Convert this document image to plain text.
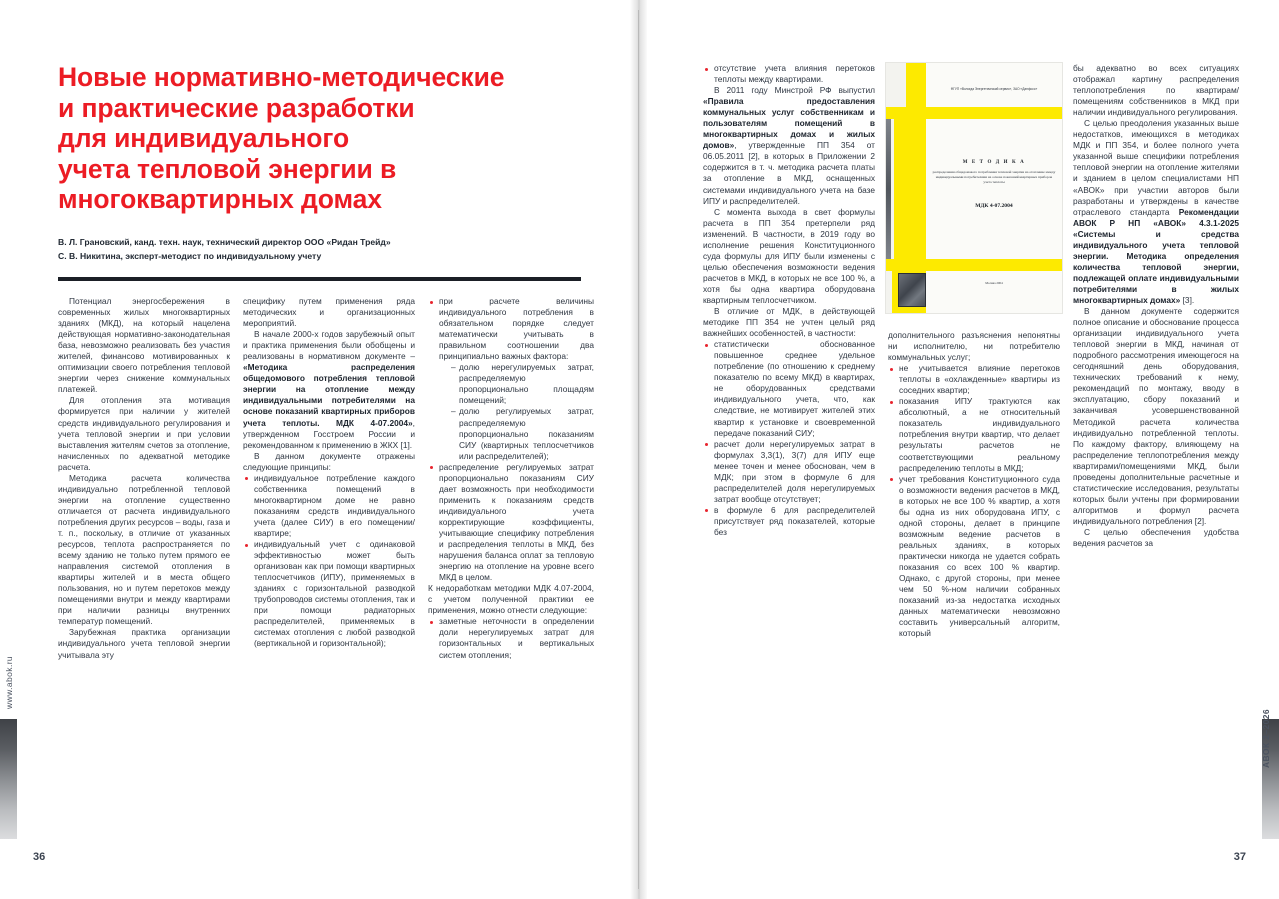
www.abok.ru
36
Новые нормативно-методические
и практические разработки
для индивидуального
учета тепловой энергии в
многоквартирных домах
В. Л. Грановский, канд. техн. наук, технический директор ООО «Ридан Трейд»
С. В. Никитина, эксперт-методист по индивидуальному учету

Потенциал энергосбережения в современных жилых многоквартирных зданиях (МКД), на который нацелена действующая нормативно-законодательная база, невозможно реализовать без участия жителей, финансово мотивированных к оптимизации своего потребления тепловой энергии через снижение коммунальных платежей.

Для отопления эта мотивация формируется при наличии у жителей средств индивидуального регулирования и учета тепловой энергии и при условии выставления жителям счетов за отопление, начисленных по адекватной методике расчета.

Методика расчета количества индивидуально потребленной тепловой энергии на отопление существенно отличается от расчета индивидуального потребления других ресурсов – воды, газа и т. п., поскольку, в отличие от указанных ресурсов, теплота распространяется по всему зданию не только путем прямого ее направления системой отопления в квартиры жителей и в места общего пользования, но и путем перетоков между помещениями внутри и между квартирами при наличии разницы внутренних температур помещений.

Зарубежная практика организации индивидуального учета тепловой энергии учитывала эту

специфику путем применения ряда методических и организационных мероприятий.

В начале 2000-х годов зарубежный опыт и практика применения были обобщены и реализованы в нормативном документе – «Методика распределения общедомового потребления тепловой энергии на отопление между индивидуальными потребителями на основе показаний квартирных приборов учета теплоты. МДК 4-07.2004», утвержденном Госстроем России и рекомендованном к применению в ЖКХ [1].

В данном документе отражены следующие принципы:

индивидуальное потребление каждого собственника помещений в многоквартирном доме не равно показаниям средств индивидуального учета (далее СИУ) в его помещении/квартире;
индивидуальный учет с одинаковой эффективностью может быть организован как при помощи квартирных теплосчетчиков (ИПУ), применяемых в зданиях с горизонтальной разводкой трубопроводов системы отопления, так и при помощи радиаторных распределителей, применяемых в системах отопления с любой разводкой (вертикальной и горизонтальной);
при расчете величины индивидуального потребления в обязательном порядке следует математически учитывать в правильном соотношении два принципиально важных фактора:
– долю нерегулируемых затрат, распределяемую пропорционально площадям помещений;
– долю регулируемых затрат, распределяемую пропорционально показаниям СИУ (квартирных теплосчетчиков или распределителей);
распределение регулируемых затрат пропорционально показаниям СИУ дает возможность при необходимости применить к показаниям средств индивидуального учета корректирующие коэффициенты, учитывающие специфику потребления и распределения теплоты в МКД, без нарушения баланса оплат за тепловую энергию на отопление на уровне всего МКД в целом.

К недоработкам методики МДК 4.07-2004, с учетом полученной практики ее применения, можно отнести следующие:

заметные неточности в определении доли нерегулируемых затрат для горизонтальных и вертикальных систем отопления;
АВОК 2–2026
37
ФГУП «Вологда Энергетический сервис», ЗАО «Данфосс»
М Е Т О Д И К А
распределения общедомового потребления тепловой энергии на отопление между индивидуальными потребителями на основе показаний квартирных приборов учета теплоты
МДК 4-07.2004
Москва 2004
отсутствие учета влияния перетоков теплоты между квартирами.

В 2011 году Минстрой РФ выпустил «Правила предоставления коммунальных услуг собственникам и пользователям помещений в многоквартирных домах и жилых домов», утвержденные ПП 354 от 06.05.2011 [2], в которых в Приложении 2 содержится в т. ч. методика расчета платы за отопление в МКД, оснащенных системами индивидуального учета на базе ИПУ и распределителей.

С момента выхода в свет формулы расчета в ПП 354 претерпели ряд изменений. В частности, в 2019 году во исполнение решения Конституционного суда формулы для ИПУ были изменены с целью обеспечения возможности ведения расчетов в МКД, в которых не все 100 %, а хотя бы одна квартира оборудована квартирным теплосчетчиком.

В отличие от МДК, в действующей методике ПП 354 не учтен целый ряд важнейших особенностей, в частности:

статистически обоснованное повышенное среднее удельное потребление (по отношению к среднему показателю по всему МКД) в квартирах, не оборудованных средствами индивидуального учета, что, как следствие, не мотивирует жителей этих квартир к установке и своевременной передаче показаний СИУ;
расчет доли нерегулируемых затрат в формулах 3,3(1), 3(7) для ИПУ еще менее точен и менее обоснован, чем в МДК; при этом в формуле 6 для распределителей доля нерегулируемых затрат вообще отсутствует;
в формуле 6 для распределителей присутствует ряд показателей, которые без

дополнительного разъяснения непонятны ни исполнителю, ни потребителю коммунальных услуг;

не учитывается влияние перетоков теплоты в «охлажденные» квартиры из соседних квартир;
показания ИПУ трактуются как абсолютный, а не относительный показатель индивидуального потребления внутри квартир, что делает результаты расчетов не соответствующими реальному распределению теплоты в МКД;
учет требования Конституционного суда о возможности ведения расчетов в МКД, в которых не все 100 % квартир, а хотя бы одна из них оборудована ИПУ, с одной стороны, делает в принципе возможным ведение расчетов в реальных зданиях, в которых практически никогда не удается собрать показания со всех 100 % квартир. Однако, с другой стороны, при менее чем 50 %-ном наличии собранных показаний из-за недостатка исходных данных математически невозможно составить универсальный алгоритм, который

бы адекватно во всех ситуациях отображал картину распределения теплопотребления по квартирам/помещениям собственников в МКД при наличии индивидуального регулирования.

С целью преодоления указанных выше недостатков, имеющихся в методиках МДК и ПП 354, и более полного учета указанной выше специфики потребления тепловой энергии на отопление жителями и зданием в целом специалистами НП «АВОК» при участии авторов были разработаны и утверждены в качестве отраслевого стандарта Рекомендации АВОК Р НП «АВОК» 4.3.1-2025 «Системы и средства индивидуального учета тепловой энергии. Методика определения количества тепловой энергии, подлежащей оплате индивидуальными потребителями в жилых многоквартирных домах» [3].

В данном документе содержится полное описание и обоснование процесса организации индивидуального учета тепловой энергии в МКД, начиная от подробного рассмотрения имеющегося на сегодняшний день оборудования, технических требований к нему, рекомендаций по монтажу, вводу в эксплуатацию, сбору показаний и заканчивая усовершенствованной Методикой расчета количества индивидуально потребленной теплоты. По каждому фактору, влияющему на распределение теплопотребления между квартирами/помещениями МКД, были проведены дополнительные расчетные и статистические исследования, результаты которых были учтены при формировании алгоритмов и формул расчета индивидуального потребления [2].

С целью обеспечения удобства ведения расчетов за
